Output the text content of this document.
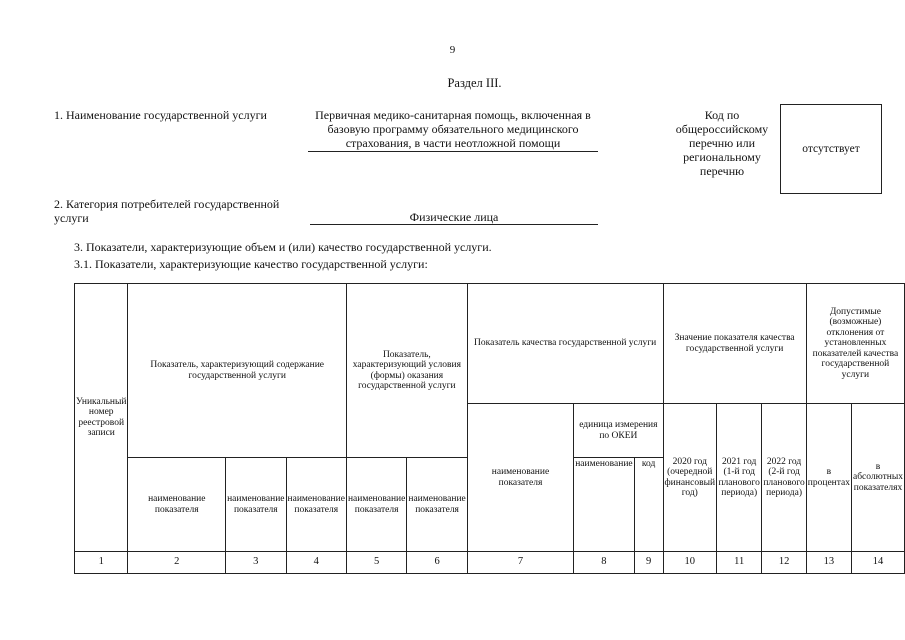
9
Раздел III.
1. Наименование государственной услуги	Первичная медико-санитарная помощь, включенная в базовую программу обязательного медицинского страхования, в части неотложной помощи
Код по общероссийскому перечню или региональному перечню
отсутствует
2. Категория потребителей государственной услуги	Физические лица
3. Показатели, характеризующие объем и (или) качество государственной услуги.
3.1. Показатели, характеризующие качество государственной услуги:
Уникальный номер реестровой записи	Показатель, характеризующий содержание государственной услуги			Показатель, характеризующий условия (формы) оказания государственной услуги		Показатель качества государственной услуги			Значение показателя качества государственной услуги			Допустимые (возможные) отклонения от установленных показателей качества государственной услуги	
						наименование показателя	единица измерения по ОКЕИ		2020 год (очередной финансовый год)	2021 год (1-й год планового периода)	2022 год (2-й год планового периода)	в процентах	в абсолютных показателях
	наименование показателя	наименование показателя	наименование показателя	наименование показателя	наименование показателя		наименование	код					
1	2	3	4	5	6	7	8	9	10	11	12	13	14
